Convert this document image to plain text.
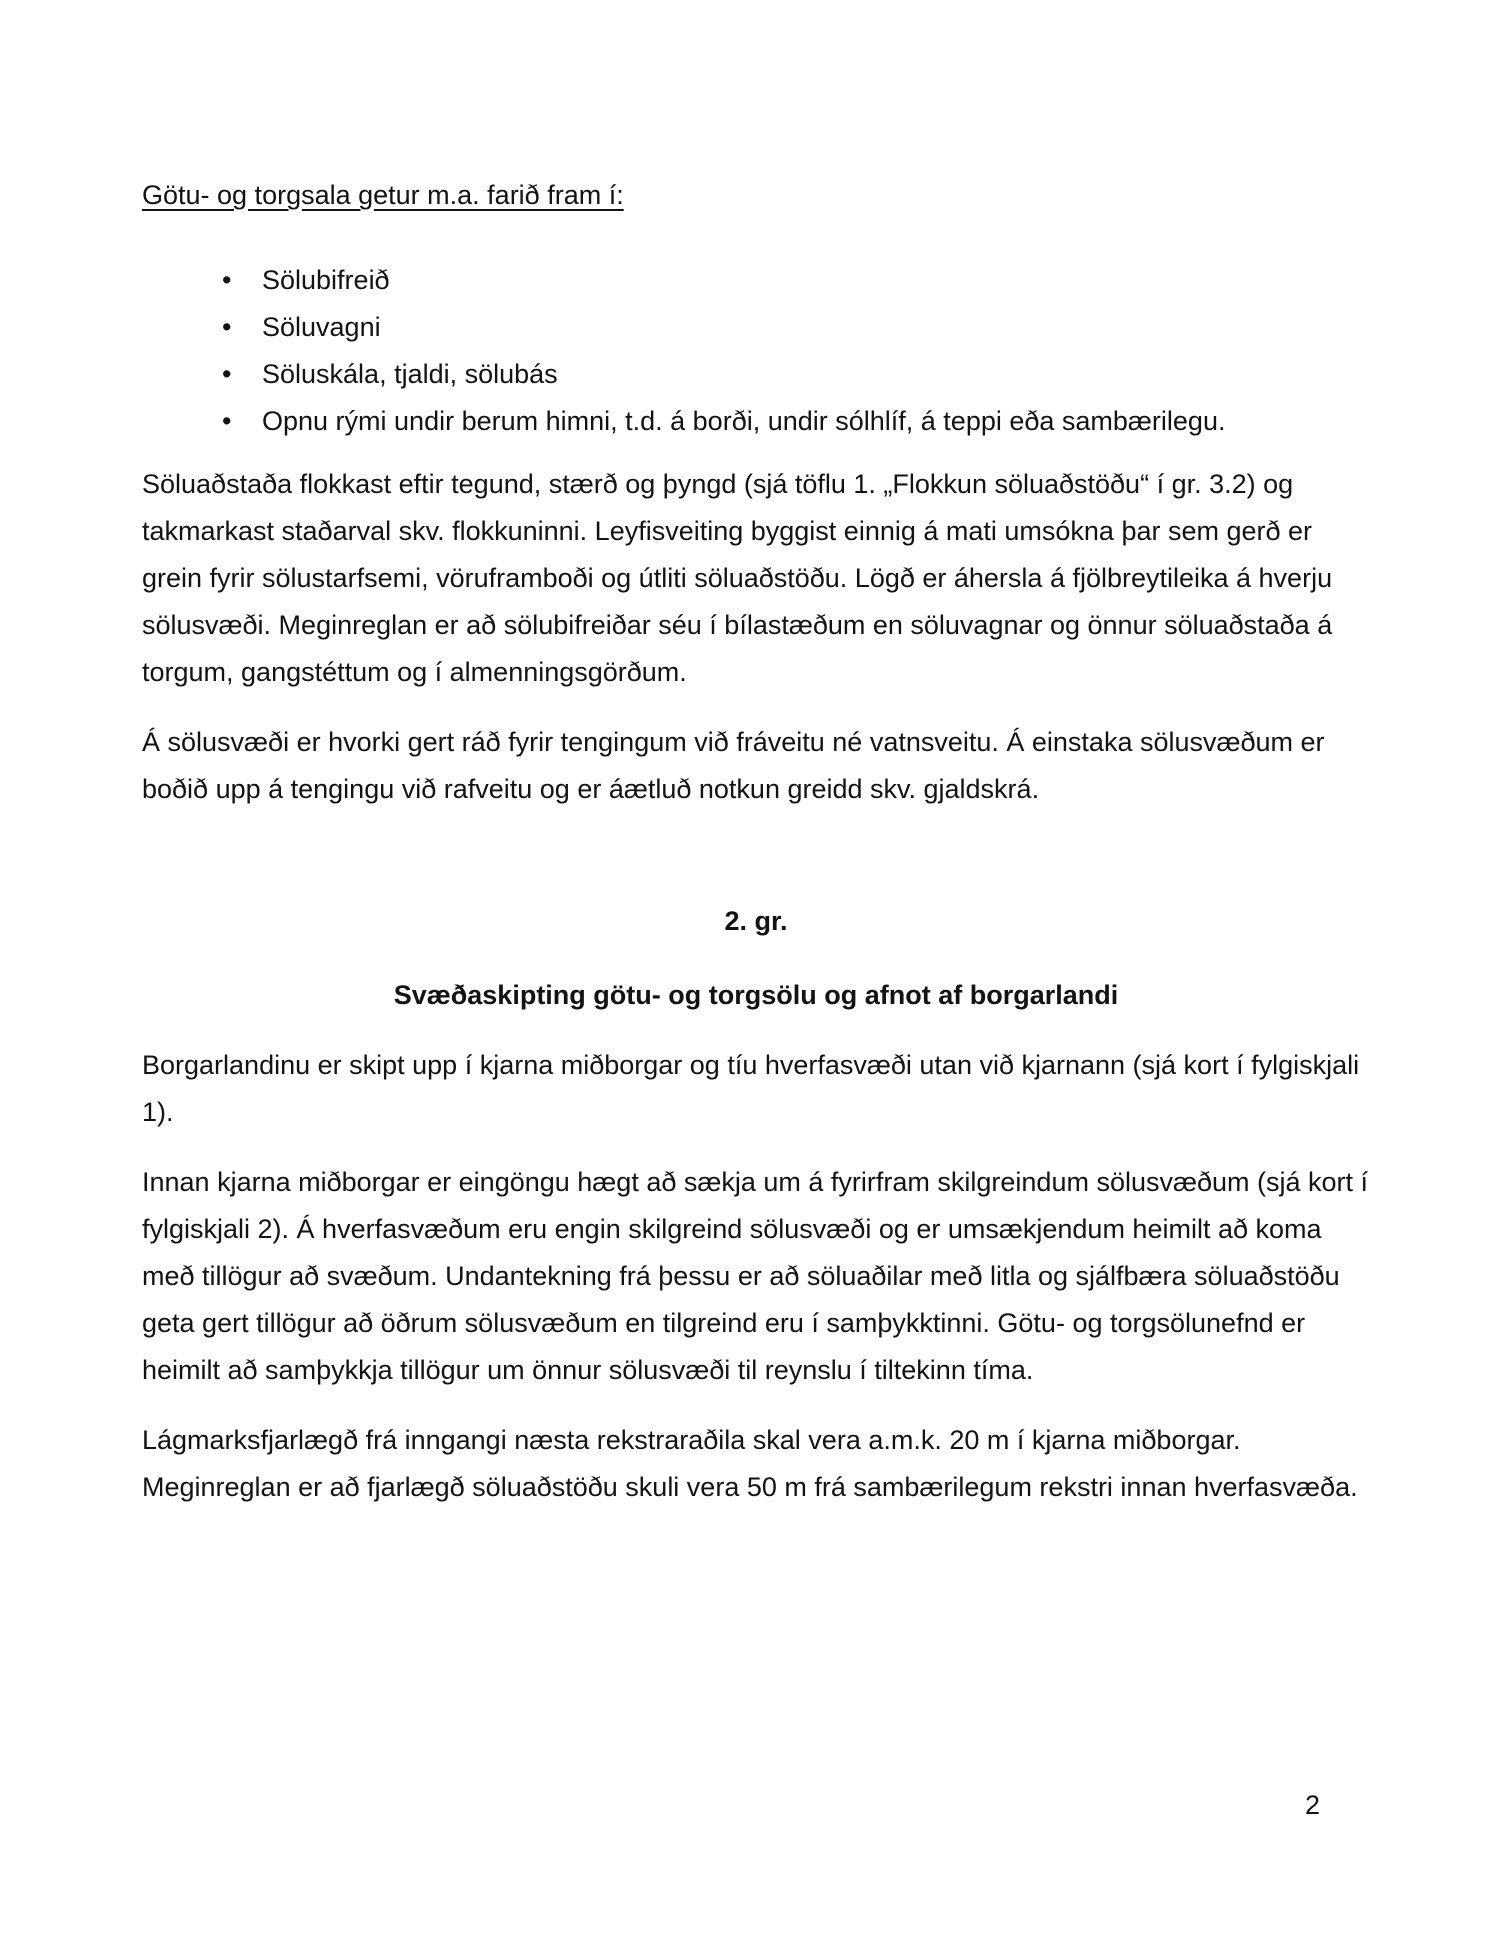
Götu- og torgsala getur m.a. farið fram í:

• Sölubifreið
• Söluvagni
• Söluskála, tjaldi, sölubás
• Opnu rými undir berum himni, t.d. á borði, undir sólhlíf, á teppi eða sambærilegu.

Söluaðstaða flokkast eftir tegund, stærð og þyngd (sjá töflu 1. „Flokkun söluaðstöðu“ í gr. 3.2) og takmarkast staðarval skv. flokkuninni. Leyfisveiting byggist einnig á mati umsókna þar sem gerð er grein fyrir sölustarfsemi, vöruframboði og útliti söluaðstöðu. Lögð er áhersla á fjölbreytileika á hverju sölusvæði. Meginreglan er að sölubifreiðar séu í bílastæðum en söluvagnar og önnur söluaðstaða á torgum, gangstéttum og í almenningsgörðum.

Á sölusvæði er hvorki gert ráð fyrir tengingum við fráveitu né vatnsveitu. Á einstaka sölusvæðum er boðið upp á tengingu við rafveitu og er áætluð notkun greidd skv. gjaldskrá.

2. gr.

Svæðaskipting götu- og torgsölu og afnot af borgarlandi

Borgarlandinu er skipt upp í kjarna miðborgar og tíu hverfasvæði utan við kjarnann (sjá kort í fylgiskjali 1).

Innan kjarna miðborgar er eingöngu hægt að sækja um á fyrirfram skilgreindum sölusvæðum (sjá kort í fylgiskjali 2). Á hverfasvæðum eru engin skilgreind sölusvæði og er umsækjendum heimilt að koma með tillögur að svæðum. Undantekning frá þessu er að söluaðilar með litla og sjálfbæra söluaðstöðu geta gert tillögur að öðrum sölusvæðum en tilgreind eru í samþykktinni. Götu- og torgsölunefnd er heimilt að samþykkja tillögur um önnur sölusvæði til reynslu í tiltekinn tíma.

Lágmarksfjarlægð frá inngangi næsta rekstraraðila skal vera a.m.k. 20 m í kjarna miðborgar. Meginreglan er að fjarlægð söluaðstöðu skuli vera 50 m frá sambærilegum rekstri innan hverfasvæða.

2
